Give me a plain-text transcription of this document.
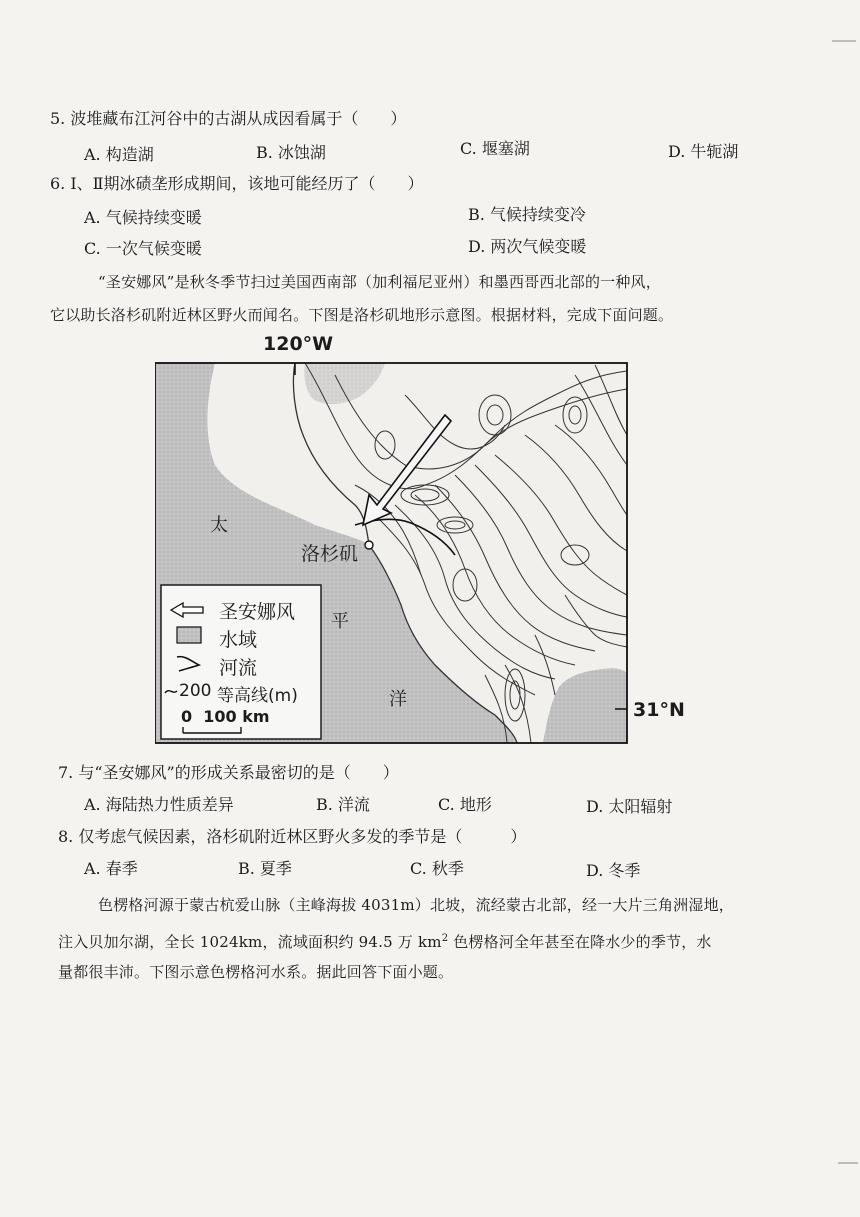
5. 波堆藏布江河谷中的古湖从成因看属于（　　）
A. 构造湖	B. 冰蚀湖	C. 堰塞湖	D. 牛轭湖
6. Ⅰ、Ⅱ期冰碛垄形成期间，该地可能经历了（　　）
A. 气候持续变暖	B. 气候持续变冷
C. 一次气候变暖	D. 两次气候变暖
“圣安娜风”是秋冬季节扫过美国西南部（加利福尼亚州）和墨西哥西北部的一种风，
它以助长洛杉矶附近林区野火而闻名。下图是洛杉矶地形示意图。根据材料，完成下面问题。
120°W
31°N
洛杉矶
太
平
洋
圣安娜风
水域
河流
200 等高线(m)
0  100 km
7. 与“圣安娜风”的形成关系最密切的是（　　）
A. 海陆热力性质差异	B. 洋流	C. 地形	D. 太阳辐射
8. 仅考虑气候因素，洛杉矶附近林区野火多发的季节是（　　　）
A. 春季	B. 夏季	C. 秋季	D. 冬季
色楞格河源于蒙古杭爱山脉（主峰海拔 4031m）北坡，流经蒙古北部，经一大片三角洲湿地，
注入贝加尔湖，全长 1024km，流域面积约 94.5 万 $km^2$ 色楞格河全年甚至在降水少的季节，水
量都很丰沛。下图示意色楞格河水系。据此回答下面小题。
